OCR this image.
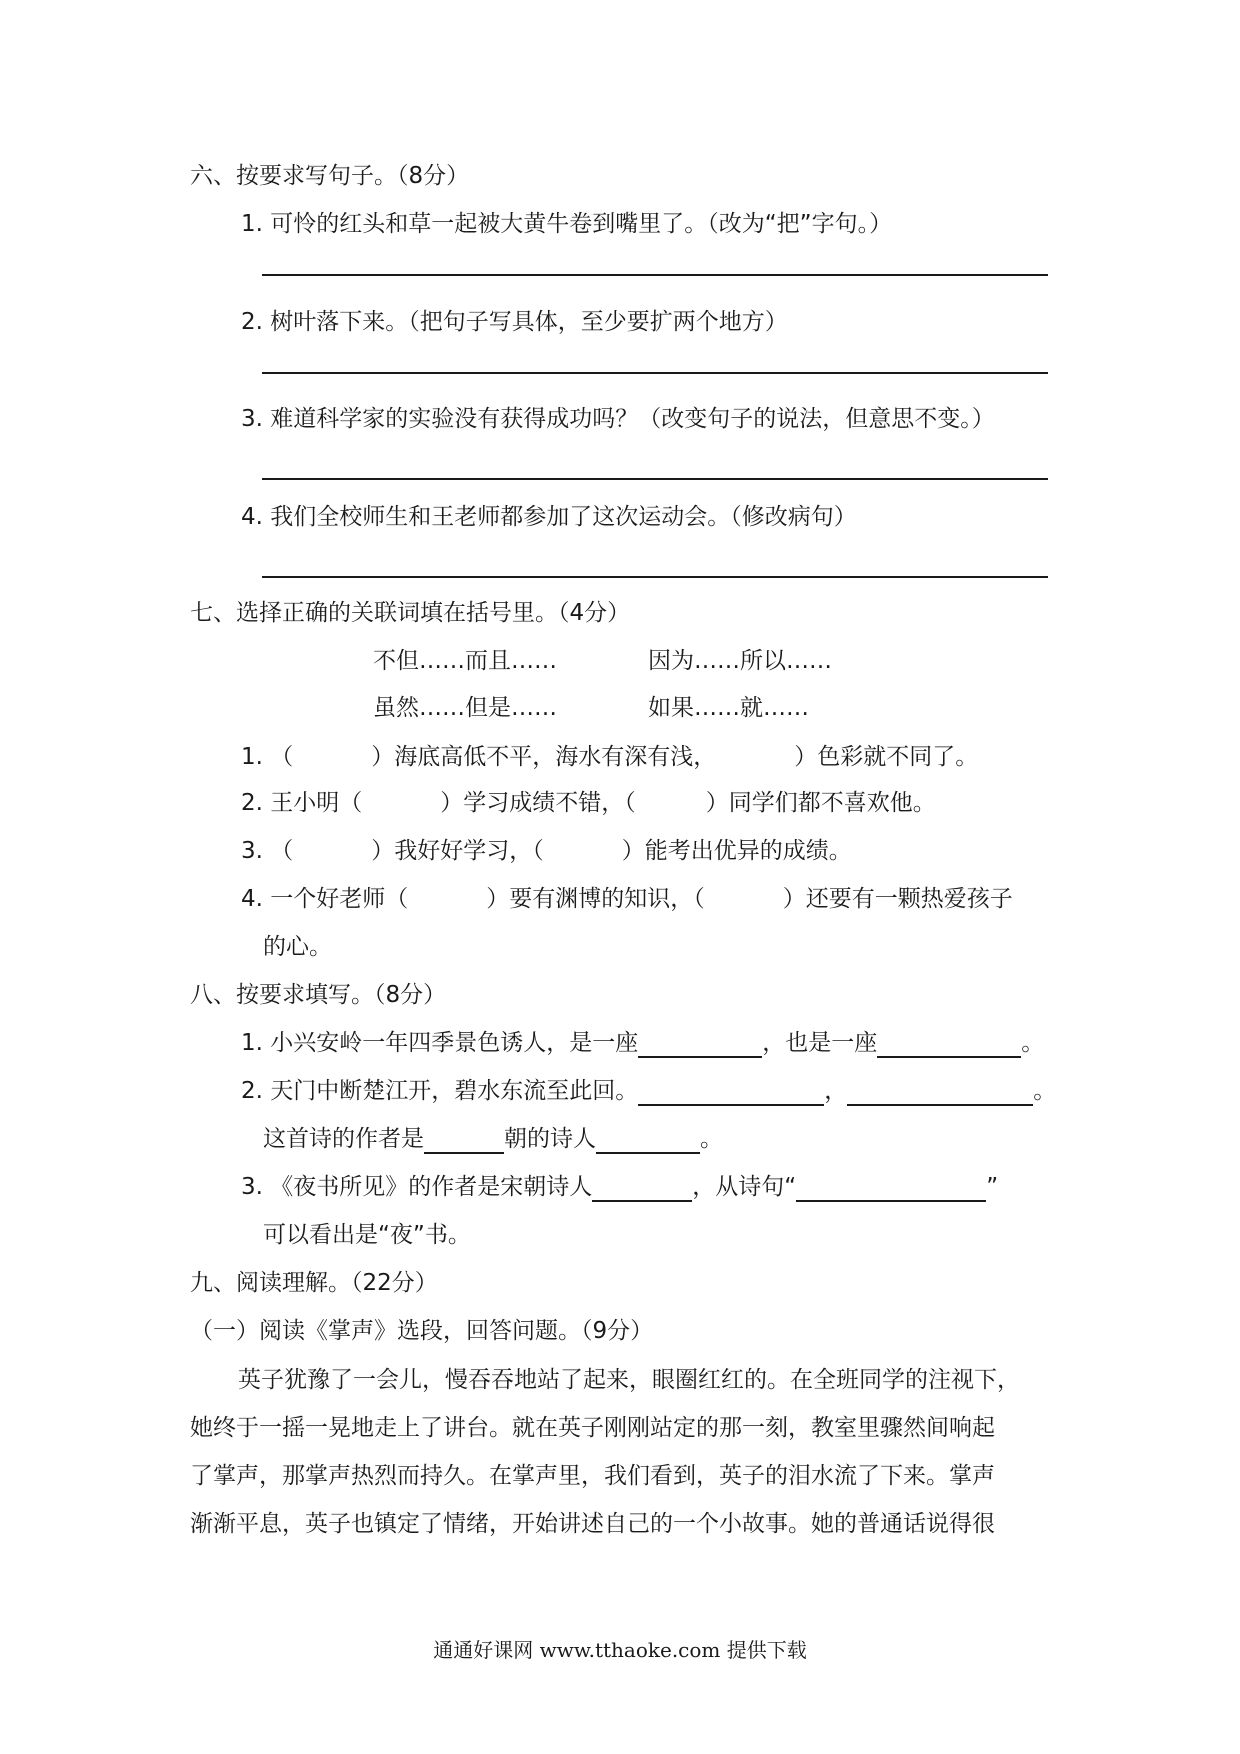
六、按要求写句子。（8分）
1. 可怜的红头和草一起被大黄牛卷到嘴里了。（改为“把”字句。）
2. 树叶落下来。（把句子写具体，至少要扩两个地方）
3. 难道科学家的实验没有获得成功吗？（改变句子的说法，但意思不变。）
4. 我们全校师生和王老师都参加了这次运动会。（修改病句）
七、选择正确的关联词填在括号里。（4分）
不但……而且……	因为……所以……
虽然……但是……	如果……就……
1. （	）海底高低不平，海水有深有浅，	）色彩就不同了。
2. 王小明（	）学习成绩不错，（	）同学们都不喜欢他。
3. （	）我好好学习，（	）能考出优异的成绩。
4. 一个好老师（	）要有渊博的知识，（	）还要有一颗热爱孩子
的心。
八、按要求填写。（8分）
1. 小兴安岭一年四季景色诱人，是一座	，也是一座	。
2. 天门中断楚江开，碧水东流至此回。	，	。
这首诗的作者是	朝的诗人	。
3. 《夜书所见》的作者是宋朝诗人	，从诗句“	”
可以看出是“夜”书。
九、阅读理解。（22分）
（一）阅读《掌声》选段，回答问题。（9分）
英子犹豫了一会儿，慢吞吞地站了起来，眼圈红红的。在全班同学的注视下，
她终于一摇一晃地走上了讲台。就在英子刚刚站定的那一刻，教室里骤然间响起
了掌声，那掌声热烈而持久。在掌声里，我们看到，英子的泪水流了下来。掌声
渐渐平息，英子也镇定了情绪，开始讲述自己的一个小故事。她的普通话说得很
通通好课网 www.tthaoke.com 提供下载
